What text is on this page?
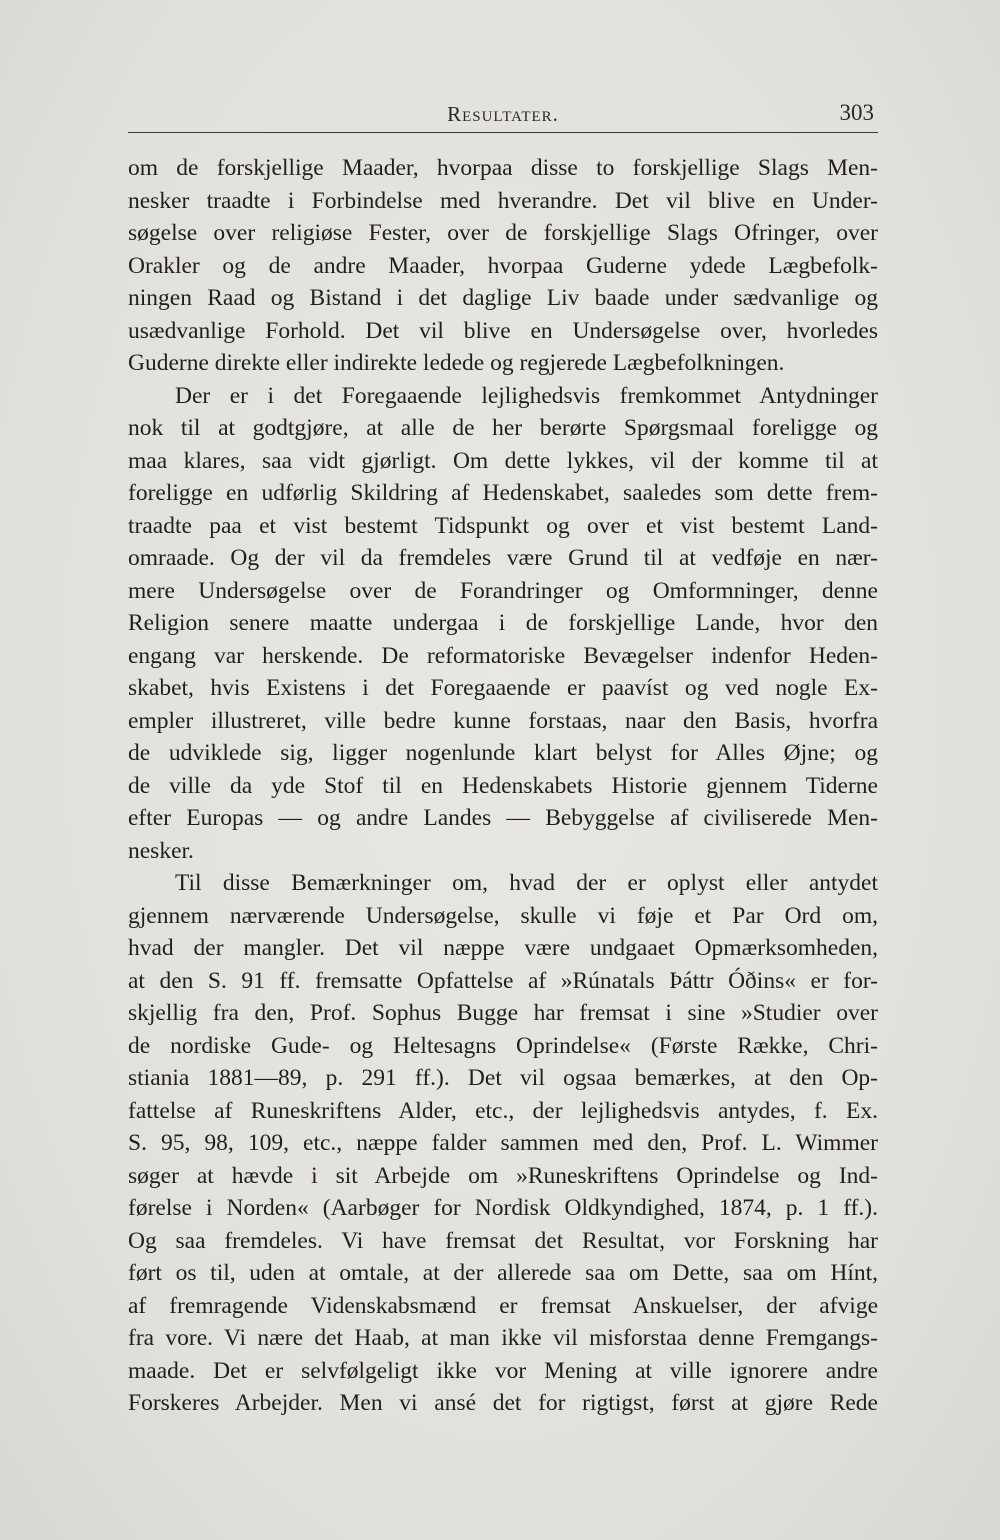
Resultater.	303
om de forskjellige Maader, hvorpaa disse to forskjellige Slags Men-
nesker traadte i Forbindelse med hverandre. Det vil blive en Under-
søgelse over religiøse Fester, over de forskjellige Slags Ofringer, over
Orakler og de andre Maader, hvorpaa Guderne ydede Lægbefolk-
ningen Raad og Bistand i det daglige Liv baade under sædvanlige og
usædvanlige Forhold. Det vil blive en Undersøgelse over, hvorledes
Guderne direkte eller indirekte ledede og regjerede Lægbefolkningen.
Der er i det Foregaaende lejlighedsvis fremkommet Antydninger
nok til at godtgjøre, at alle de her berørte Spørgsmaal foreligge og
maa klares, saa vidt gjørligt. Om dette lykkes, vil der komme til at
foreligge en udførlig Skildring af Hedenskabet, saaledes som dette frem-
traadte paa et vist bestemt Tidspunkt og over et vist bestemt Land-
omraade. Og der vil da fremdeles være Grund til at vedføje en nær-
mere Undersøgelse over de Forandringer og Omformninger, denne
Religion senere maatte undergaa i de forskjellige Lande, hvor den
engang var herskende. De reformatoriske Bevægelser indenfor Heden-
skabet, hvis Existens i det Foregaaende er paavíst og ved nogle Ex-
empler illustreret, ville bedre kunne forstaas, naar den Basis, hvorfra
de udviklede sig, ligger nogenlunde klart belyst for Alles Øjne; og
de ville da yde Stof til en Hedenskabets Historie gjennem Tiderne
efter Europas — og andre Landes — Bebyggelse af civiliserede Men-
nesker.
Til disse Bemærkninger om, hvad der er oplyst eller antydet
gjennem nærværende Undersøgelse, skulle vi føje et Par Ord om,
hvad der mangler. Det vil næppe være undgaaet Opmærksomheden,
at den S. 91 ff. fremsatte Opfattelse af »Rúnatals Þáttr Óðins« er for-
skjellig fra den, Prof. Sophus Bugge har fremsat i sine »Studier over
de nordiske Gude- og Heltesagns Oprindelse« (Første Række, Chri-
stiania 1881—89, p. 291 ff.). Det vil ogsaa bemærkes, at den Op-
fattelse af Runeskriftens Alder, etc., der lejlighedsvis antydes, f. Ex.
S. 95, 98, 109, etc., næppe falder sammen med den, Prof. L. Wimmer
søger at hævde i sit Arbejde om »Runeskriftens Oprindelse og Ind-
førelse i Norden« (Aarbøger for Nordisk Oldkyndighed, 1874, p. 1 ff.).
Og saa fremdeles. Vi have fremsat det Resultat, vor Forskning har
ført os til, uden at omtale, at der allerede saa om Dette, saa om Hínt,
af fremragende Videnskabsmænd er fremsat Anskuelser, der afvige
fra vore. Vi nære det Haab, at man ikke vil misforstaa denne Fremgangs-
maade. Det er selvfølgeligt ikke vor Mening at ville ignorere andre
Forskeres Arbejder. Men vi ansé det for rigtigst, først at gjøre Rede
